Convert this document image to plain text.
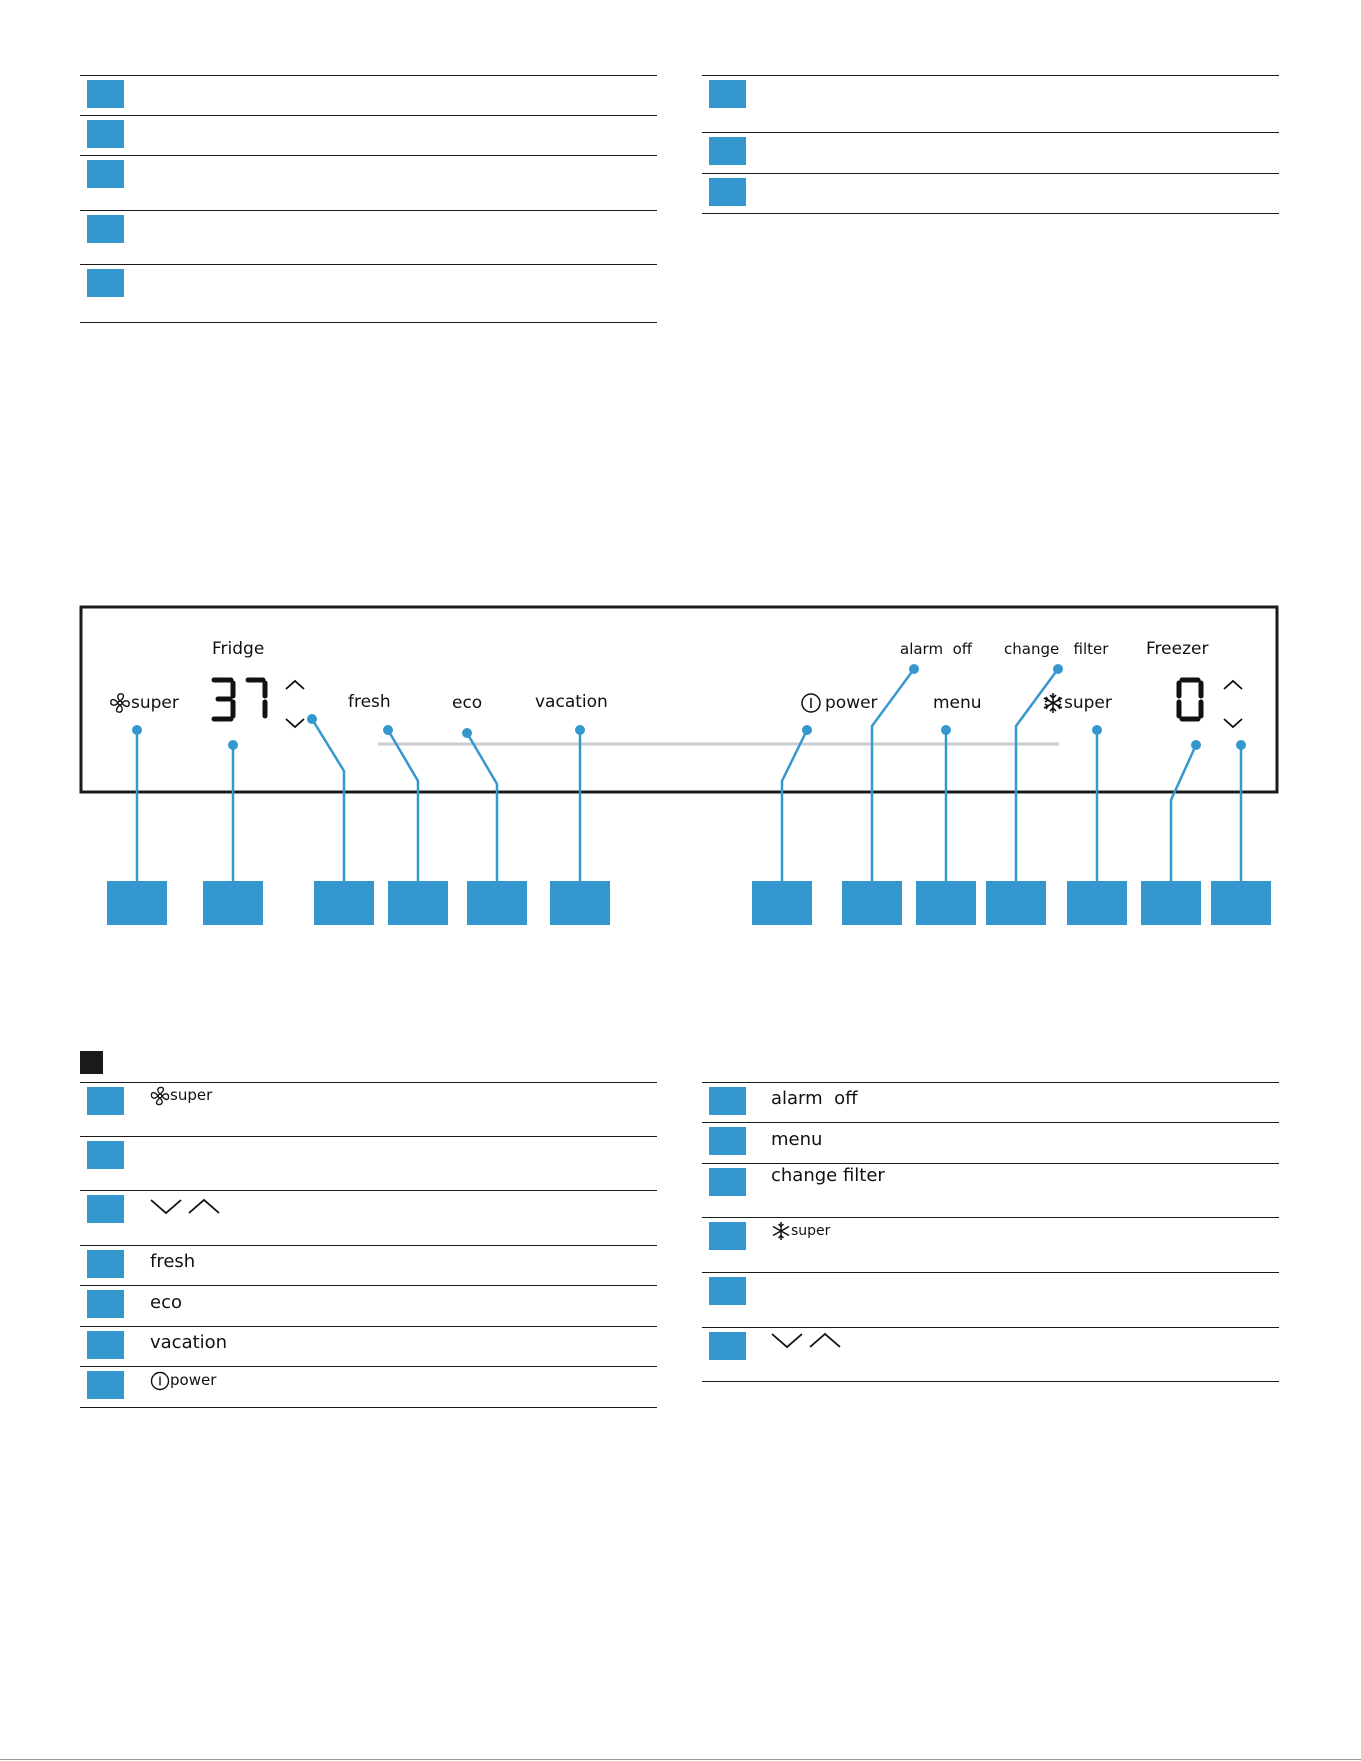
Fridge	Freezer
super	fresh	eco	vacation	power
alarm  off
menu
change   filter
super
super
fresh
eco
vacation
power
alarm  off
menu
change filter
super
